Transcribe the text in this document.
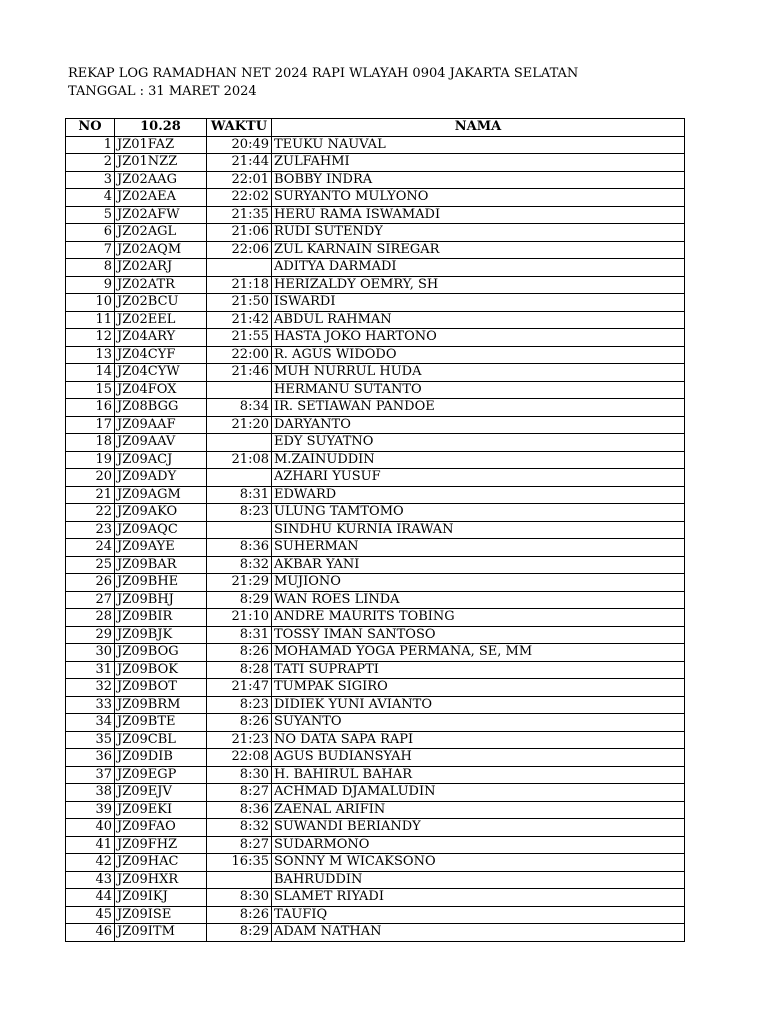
REKAP LOG RAMADHAN NET 2024 RAPI WLAYAH 0904 JAKARTA SELATAN
TANGGAL : 31 MARET 2024
NO	10.28	WAKTU	NAMA
1	JZ01FAZ	20:49	TEUKU NAUVAL
2	JZ01NZZ	21:44	ZULFAHMI
3	JZ02AAG	22:01	BOBBY INDRA
4	JZ02AEA	22:02	SURYANTO MULYONO
5	JZ02AFW	21:35	HERU RAMA ISWAMADI
6	JZ02AGL	21:06	RUDI SUTENDY
7	JZ02AQM	22:06	ZUL KARNAIN SIREGAR
8	JZ02ARJ		ADITYA DARMADI
9	JZ02ATR	21:18	HERIZALDY OEMRY, SH
10	JZ02BCU	21:50	ISWARDI
11	JZ02EEL	21:42	ABDUL RAHMAN
12	JZ04ARY	21:55	HASTA JOKO HARTONO
13	JZ04CYF	22:00	R. AGUS WIDODO
14	JZ04CYW	21:46	MUH NURRUL HUDA
15	JZ04FOX		HERMANU SUTANTO
16	JZ08BGG	8:34	IR. SETIAWAN PANDOE
17	JZ09AAF	21:20	DARYANTO
18	JZ09AAV		EDY SUYATNO
19	JZ09ACJ	21:08	M.ZAINUDDIN
20	JZ09ADY		AZHARI YUSUF
21	JZ09AGM	8:31	EDWARD
22	JZ09AKO	8:23	ULUNG TAMTOMO
23	JZ09AQC		SINDHU KURNIA IRAWAN
24	JZ09AYE	8:36	SUHERMAN
25	JZ09BAR	8:32	AKBAR YANI
26	JZ09BHE	21:29	MUJIONO
27	JZ09BHJ	8:29	WAN ROES LINDA
28	JZ09BIR	21:10	ANDRE MAURITS TOBING
29	JZ09BJK	8:31	TOSSY IMAN SANTOSO
30	JZ09BOG	8:26	MOHAMAD YOGA PERMANA, SE, MM
31	JZ09BOK	8:28	TATI SUPRAPTI
32	JZ09BOT	21:47	TUMPAK SIGIRO
33	JZ09BRM	8:23	DIDIEK YUNI AVIANTO
34	JZ09BTE	8:26	SUYANTO
35	JZ09CBL	21:23	NO DATA SAPA RAPI
36	JZ09DIB	22:08	AGUS BUDIANSYAH
37	JZ09EGP	8:30	H. BAHIRUL BAHAR
38	JZ09EJV	8:27	ACHMAD DJAMALUDIN
39	JZ09EKI	8:36	ZAENAL ARIFIN
40	JZ09FAO	8:32	SUWANDI BERIANDY
41	JZ09FHZ	8:27	SUDARMONO
42	JZ09HAC	16:35	SONNY M WICAKSONO
43	JZ09HXR		BAHRUDDIN
44	JZ09IKJ	8:30	SLAMET RIYADI
45	JZ09ISE	8:26	TAUFIQ
46	JZ09ITM	8:29	ADAM NATHAN
